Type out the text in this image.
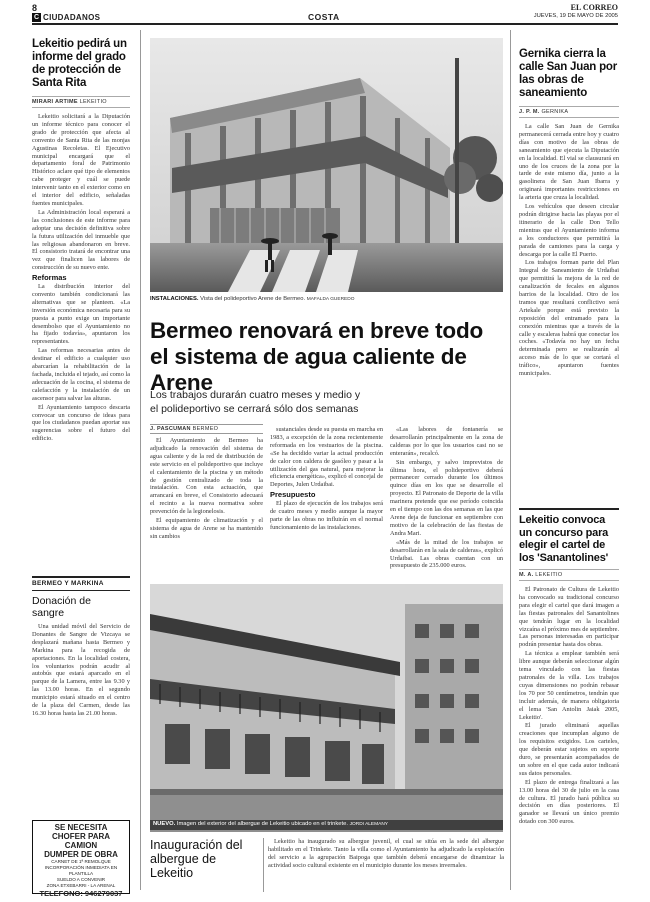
8
C CIUDADANOS	COSTA
EL CORREO
JUEVES, 19 DE MAYO DE 2005
Lekeitio pedirá un informe del grado de protección de Santa Rita
MIRARI ARTIME LEKEITIO

Lekeitio solicitará a la Diputación un informe técnico para conocer el grado de protección que afecta al convento de Santa Rita de las monjas Agustinas Recoletas. El Ejecutivo municipal encargará que el departamento foral de Patrimonio Histórico aclare qué tipo de elementos cabe proteger y cuál se puede intervenir tanto en el exterior como en el interior del edificio, señaladas fuentes municipales.

La Administración local esperará a las conclusiones de este informe para adoptar una decisión definitiva sobre la futura utilización del inmueble que las religiosas abandonaron en breve. El consistorio tratará de encontrar una vez que finalicen las labores de construcción de su nuevo ente.

Reformas

La distribución interior del convento también condicionará las alternativas que se planteen. «La inversión económica necesaria para su puesta a punto exige un importante desembolso que el Ayuntamiento no ha fijado todavía», apuntaron los representantes.

Las reformas necesarias antes de destinar el edificio a cualquier uso abarcarían la rehabilitación de la fachada, incluida el tejado, así como la adecuación de la cocina, el sistema de calefacción y la instalación de un ascensor para salvar las alturas.

El Ayuntamiento tampoco descarta convocar un concurso de ideas para que los ciudadanos puedan aportar sus sugerencias sobre el futuro del edificio.

BERMEO Y MARKINA
Donación de sangre

Una unidad móvil del Servicio de Donantes de Sangre de Vizcaya se desplazará mañana hasta Bermeo y Markina para la recogida de aportaciones. En la localidad costera, los voluntarios podrán acudir al autobús que estará aparcado en el parque de la Lamera, entre las 9.30 y las 13.00 horas. En el segundo municipio estará situado en el centro de la plaza del Carmen, desde las 16.30 horas hasta las 21.00 horas.

SE NECESITA
CHOFER PARA CAMION
DUMPER DE OBRA
CARNET DE 1ª REMOLQUE
INCORPORACIÓN INMEDIATA EN PLANTILLA
SUELDO A CONVENIR
ZONA ETXEBARRI - LA ARENAL
TELEFONO: 946279037
INSTALACIONES. Vista del polideportivo Arene de Bermeo. MAFALDA GUEREDO
Bermeo renovará en breve todo el sistema de agua caliente de Arene
Los trabajos durarán cuatro meses y medio y
el polideportivo se cerrará sólo dos semanas
J. PASCUMAN BERMEO

El Ayuntamiento de Bermeo ha adjudicado la renovación del sistema de agua caliente y de la red de distribución de este servicio en el polideportivo que incluye el calentamiento de la piscina y un método de gestión centralizado de toda la instalación. Con esta actuación, que arrancará en breve, el Consistorio adecuará el recinto a la nueva normativa sobre prevención de la legionelosis.

El equipamiento de climatización y el sistema de agua de Arene se ha mantenido sin cambios

sustanciales desde su puesta en marcha en 1983, a excepción de la zona recientemente reformada en los vestuarios de la piscina. «Se ha decidido variar la actual producción de calor con caldera de gasóleo y pasar a la utilización del gas natural, para mejorar la eficiencia energética», explicó el concejal de Deportes, Julen Urdaibai.

Presupuesto

El plazo de ejecución de los trabajos será de cuatro meses y medio aunque la mayor parte de las obras no influirán en el normal funcionamiento de las instalaciones.

«Las labores de fontanería se desarrollarán principalmente en la zona de calderas por lo que los usuarios casi no se enterarán», recalcó.

Sin embargo, y salvo imprevistos de última hora, el polideportivo deberá permanecer cerrado durante los últimos quince días en los que se desarrolle el proyecto. El Patronato de Deporte de la villa marinera pretende que ese período coincida en el tiempo con las dos semanas en las que Arene deja de funcionar en septiembre con motivo de la celebración de las fiestas de Andra Mari.

«Más de la mitad de los trabajos se desarrollarán en la sala de calderas», explicó Urdaibai. Las obras cuentan con un presupuesto de 235.000 euros.

NUEVO. Imagen del exterior del albergue de Lekeitio ubicado en el trinkete. JORDI ALEMANY
Inauguración del albergue de Lekeitio

Lekeitio ha inaugurado su albergue juvenil, el cual se sitúa en la sede del albergue habilitado en el Trinkete. Tanto la villa como el Ayuntamiento ha adjudicado la explotación del servicio a la agrupación Baipoga que también deberá encargarse de dinamizar la actividad socio cultural existente en el municipio durante los meses invernales.

Gernika cierra la calle San Juan por las obras de saneamiento
J. P. M. GERNIKA

La calle San Juan de Gernika permanecerá cerrada entre hoy y cuatro días con motivo de las obras de saneamiento que ejecuta la Diputación en la localidad. El vial se clausurará en uno de los cruces de la zona por la tarde de este mismo día, junto a la gasolinera de San Juan Ibarra y originará importantes restricciones en la arteria que cruza la localidad.

Los vehículos que deseen circular podrán dirigirse hacia las playas por el itinerario de la calle Don Tello mientras que el Ayuntamiento informa a los conductores que permitirá la parada de camiones para la carga y descarga por la calle El Puerto.

Los trabajos forman parte del Plan Integral de Saneamiento de Urdaibai que permitirá la mejora de la red de canalización de fecales en algunos barrios de la localidad. Otro de los tramos que resultará conflictivo será Artekale porque está previsto la reposición del entramado para la conexión mientras que a través de la calle y escaleras habrá que conectar los coches. «Todavía no hay un fecha determinada pero se realizarán al acceso más de lo que se cortará el tráfico», apuntaron fuentes municipales.

Lekeitio convoca un concurso para elegir el cartel de los 'Sanantolines'
M. A. LEKEITIO

El Patronato de Cultura de Lekeitio ha convocado su tradicional concurso para elegir el cartel que dará imagen a las fiestas patronales del Sanantolines que tendrán lugar en la localidad vizcaína el próximo mes de septiembre. Las personas interesadas en participar podrán presentar hasta dos obras.

La técnica a emplear también será libre aunque deberán seleccionar algún tema vinculado con las fiestas patronales de la villa. Los trabajos cuyas dimensiones no podrán rebasar los 70 por 50 centímetros, tendrán que incluir además, de manera obligatoria el lema 'San Antolin Jaiak 2005, Lekeitio'.

El jurado eliminará aquellas creaciones que incumplan alguno de los requisitos exigidos. Los carteles, que deberán estar sujetos en soporte duro, se presentarán acompañados de un sobre en el que cada autor indicará sus datos personales.

El plazo de entrega finalizará a las 13.00 horas del 30 de julio en la casa de cultura. El jurado hará pública su decisión en días posteriores. El ganador se llevará un único premio dotado con 300 euros.
